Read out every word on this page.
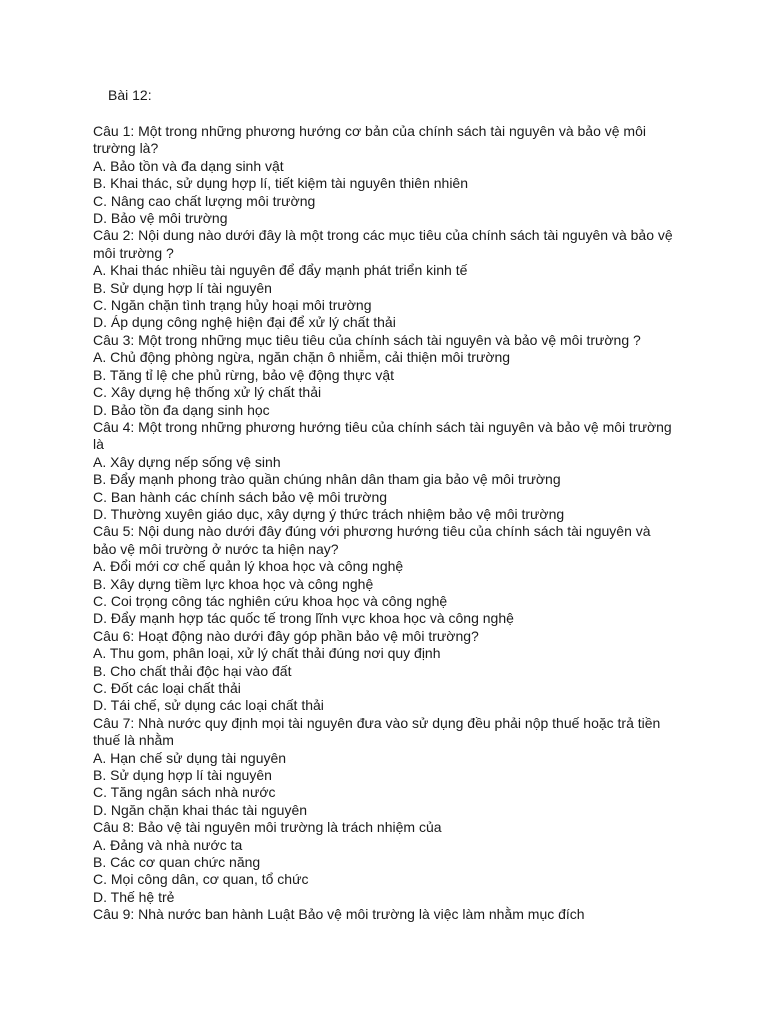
Bài 12:
Câu 1: Một trong những phương hướng cơ bản của chính sách tài nguyên và bảo vệ môi trường là?
A. Bảo tồn và đa dạng sinh vật
B. Khai thác, sử dụng hợp lí, tiết kiệm tài nguyên thiên nhiên
C. Nâng cao chất lượng môi trường
D. Bảo vệ môi trường
Câu 2: Nội dung nào dưới đây là một trong các mục tiêu của chính sách tài nguyên và bảo vệ môi trường ?
A. Khai thác nhiều tài nguyên để đẩy mạnh phát triển kinh tế
B. Sử dụng hợp lí tài nguyên
C. Ngăn chặn tình trạng hủy hoại môi trường
D. Áp dụng công nghệ hiện đại để xử lý chất thải
Câu 3: Một trong những mục tiêu tiêu của chính sách tài nguyên và bảo vệ môi trường ?
A. Chủ động phòng ngừa, ngăn chặn ô nhiễm, cải thiện môi trường
B. Tăng tỉ lệ che phủ rừng, bảo vệ động thực vật
C. Xây dựng hệ thống xử lý chất thải
D. Bảo tồn đa dạng sinh học
Câu 4: Một trong những phương hướng tiêu của chính sách tài nguyên và bảo vệ môi trường là
A. Xây dựng nếp sống vệ sinh
B. Đẩy mạnh phong trào quần chúng nhân dân tham gia bảo vệ môi trường
C. Ban hành các chính sách bảo vệ môi trường
D. Thường xuyên giáo dục, xây dựng ý thức trách nhiệm bảo vệ môi trường
Câu 5: Nội dung nào dưới đây đúng với phương hướng tiêu của chính sách tài nguyên và bảo vệ môi trường ở nước ta hiện nay?
A. Đổi mới cơ chế quản lý khoa học và công nghệ
B. Xây dựng tiềm lực khoa học và công nghệ
C. Coi trọng công tác nghiên cứu khoa học và công nghệ
D. Đẩy mạnh hợp tác quốc tế trong lĩnh vực khoa học và công nghệ
Câu 6: Hoạt động nào dưới đây góp phần bảo vệ môi trường?
A. Thu gom, phân loại, xử lý chất thải đúng nơi quy định
B. Cho chất thải độc hại vào đất
C. Đốt các loại chất thải
D. Tái chế, sử dụng các loại chất thải
Câu 7: Nhà nước quy định mọi tài nguyên đưa vào sử dụng đều phải nộp thuế hoặc trả tiền thuế là nhằm
A. Hạn chế sử dụng tài nguyên
B. Sử dụng hợp lí tài nguyên
C. Tăng ngân sách nhà nước
D. Ngăn chặn khai thác tài nguyên
Câu 8: Bảo vệ tài nguyên môi trường là trách nhiệm của
A. Đảng và nhà nước ta
B. Các cơ quan chức năng
C. Mọi công dân, cơ quan, tổ chức
D. Thế hệ trẻ
Câu 9: Nhà nước ban hành Luật Bảo vệ môi trường là việc làm nhằm mục đích
